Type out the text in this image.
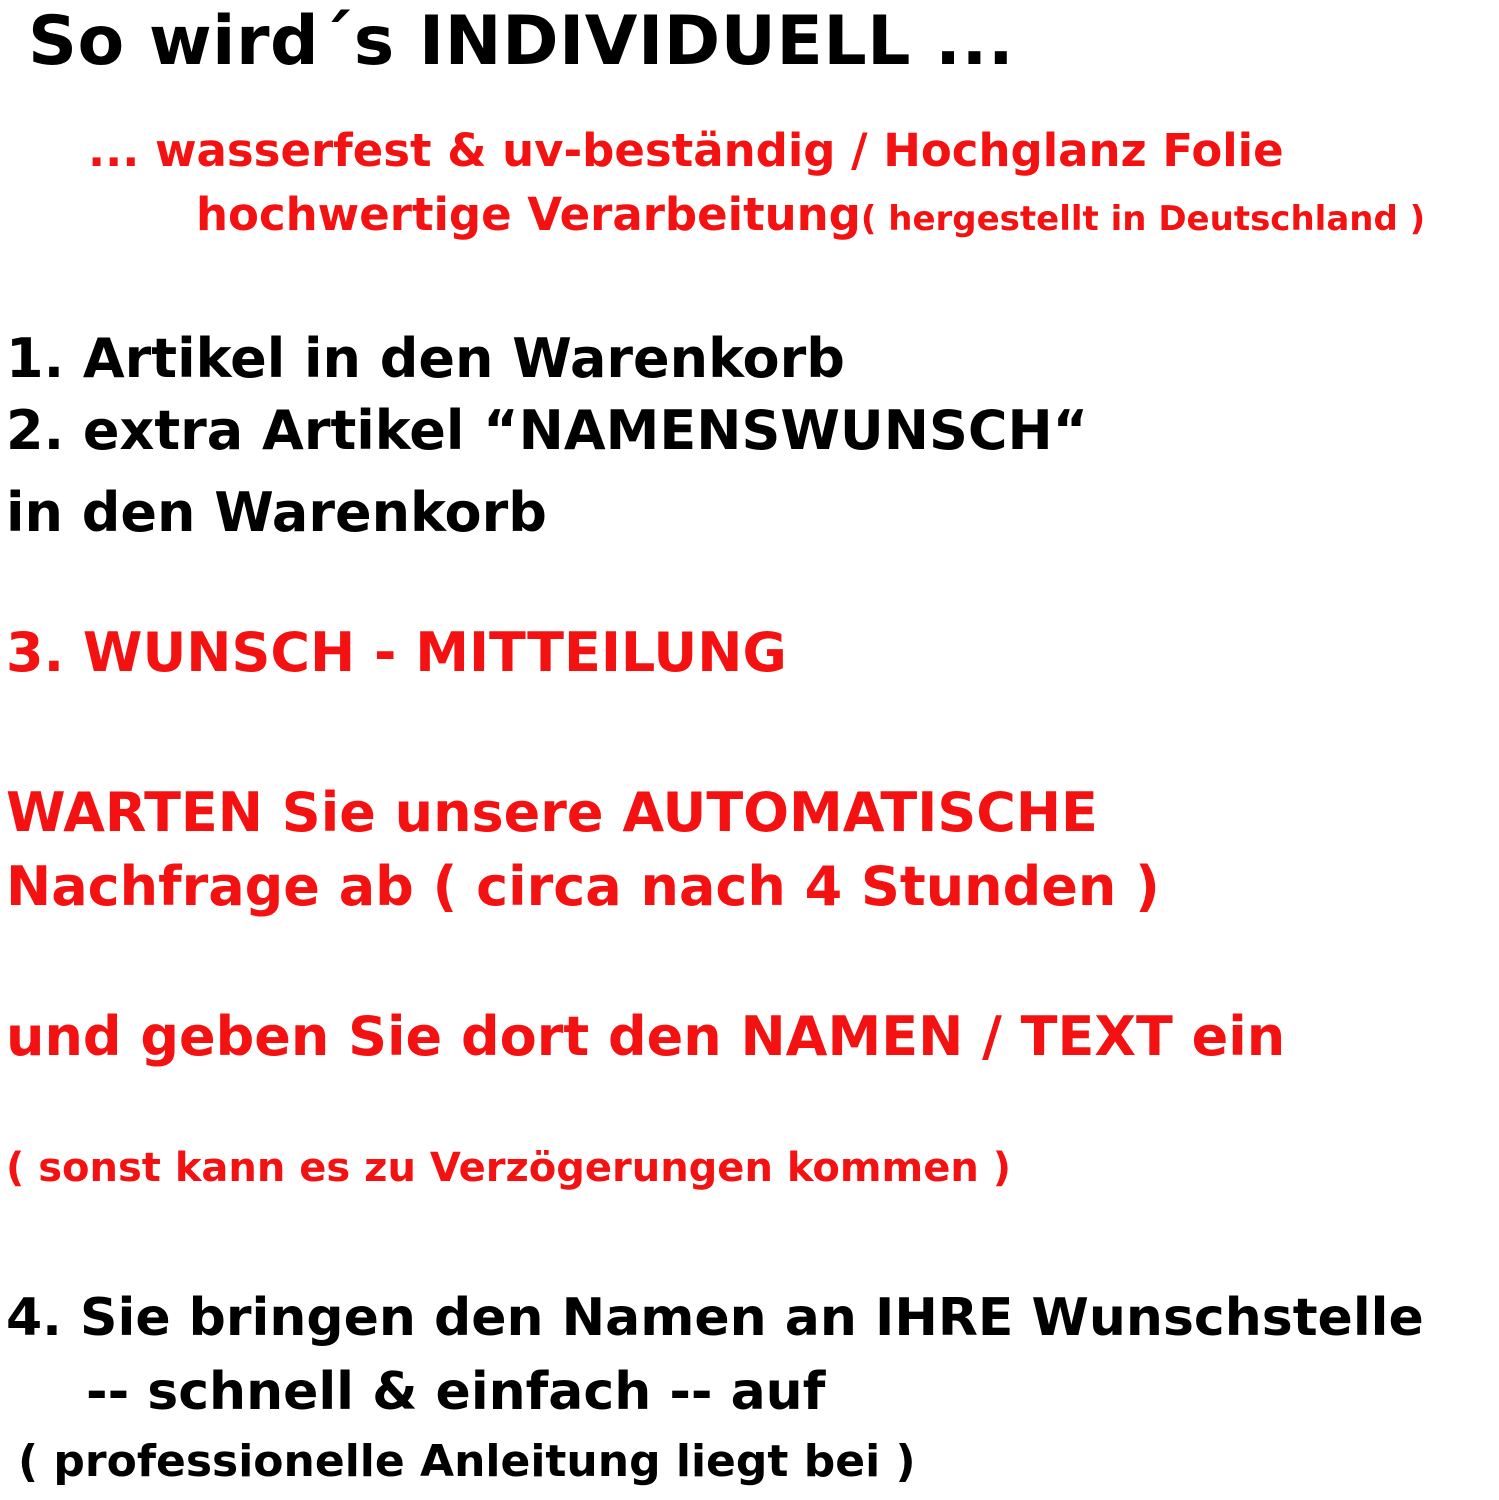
So wird´s INDIVIDUELL ...
... wasserfest & uv-beständig / Hochglanz Folie
hochwertige Verarbeitung( hergestellt in Deutschland )
1. Artikel in den Warenkorb
2. extra Artikel “NAMENSWUNSCH“
in den Warenkorb
3. WUNSCH - MITTEILUNG
WARTEN Sie unsere AUTOMATISCHE
Nachfrage ab ( circa nach 4 Stunden )
und geben Sie dort den NAMEN / TEXT ein
( sonst kann es zu Verzögerungen kommen )
4. Sie bringen den Namen an IHRE Wunschstelle
-- schnell & einfach -- auf
( professionelle Anleitung liegt bei )
